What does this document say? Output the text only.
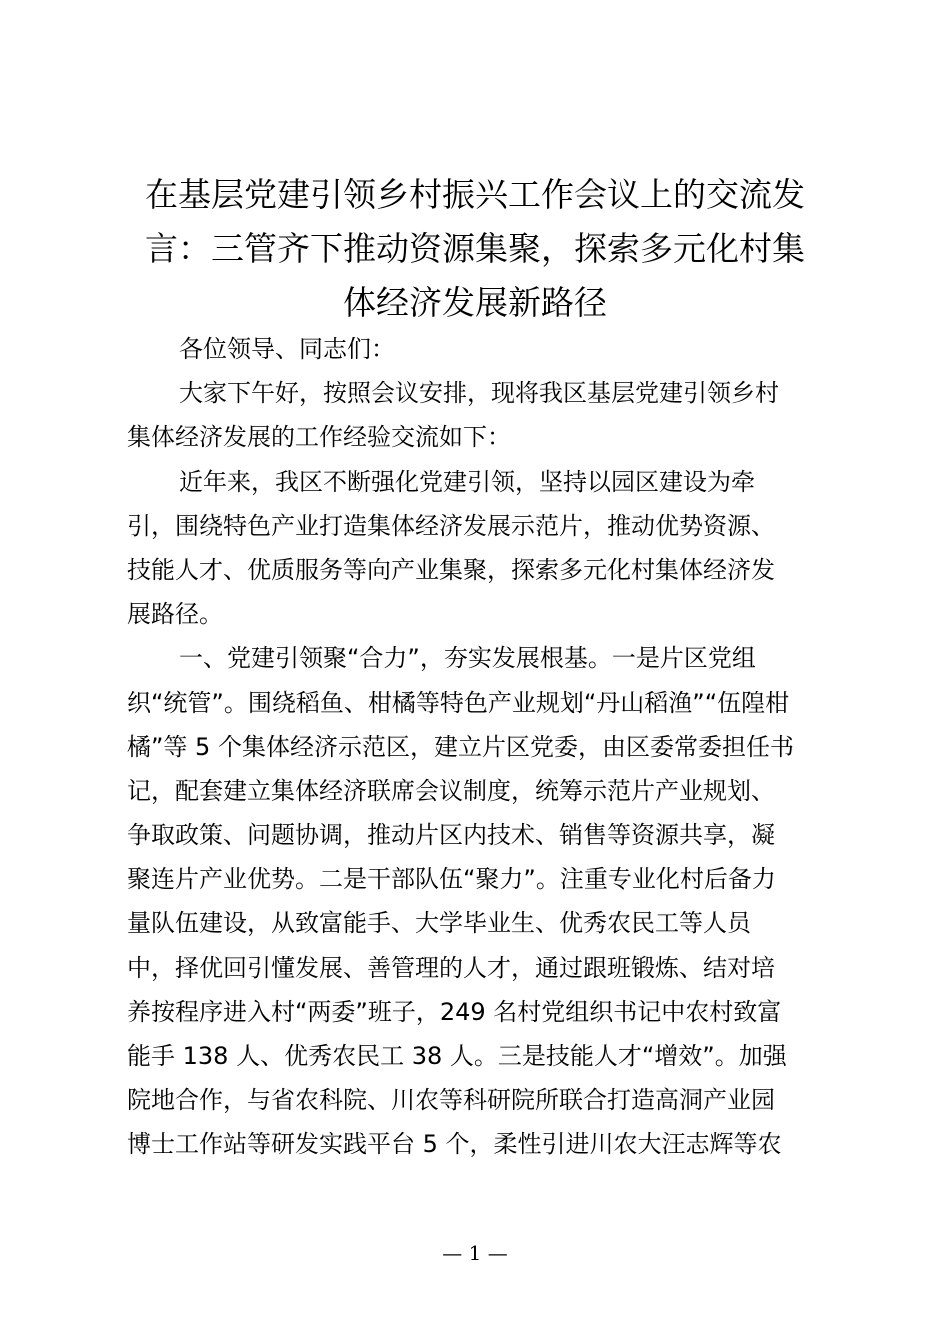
在基层党建引领乡村振兴工作会议上的交流发
言：三管齐下推动资源集聚，探索多元化村集
体经济发展新路径
各位领导、同志们：
大家下午好，按照会议安排，现将我区基层党建引领乡村
集体经济发展的工作经验交流如下：
近年来，我区不断强化党建引领，坚持以园区建设为牵
引，围绕特色产业打造集体经济发展示范片，推动优势资源、
技能人才、优质服务等向产业集聚，探索多元化村集体经济发
展路径。
一、党建引领聚“合力”，夯实发展根基。一是片区党组
织“统管”。围绕稻鱼、柑橘等特色产业规划“丹山稻渔”“伍隍柑
橘”等 5 个集体经济示范区，建立片区党委，由区委常委担任书
记，配套建立集体经济联席会议制度，统筹示范片产业规划、
争取政策、问题协调，推动片区内技术、销售等资源共享，凝
聚连片产业优势。二是干部队伍“聚力”。注重专业化村后备力
量队伍建设，从致富能手、大学毕业生、优秀农民工等人员
中，择优回引懂发展、善管理的人才，通过跟班锻炼、结对培
养按程序进入村“两委”班子，249 名村党组织书记中农村致富
能手 138 人、优秀农民工 38 人。三是技能人才“增效”。加强
院地合作，与省农科院、川农等科研院所联合打造高洞产业园
博士工作站等研发实践平台 5 个，柔性引进川农大汪志辉等农
— 1 —
